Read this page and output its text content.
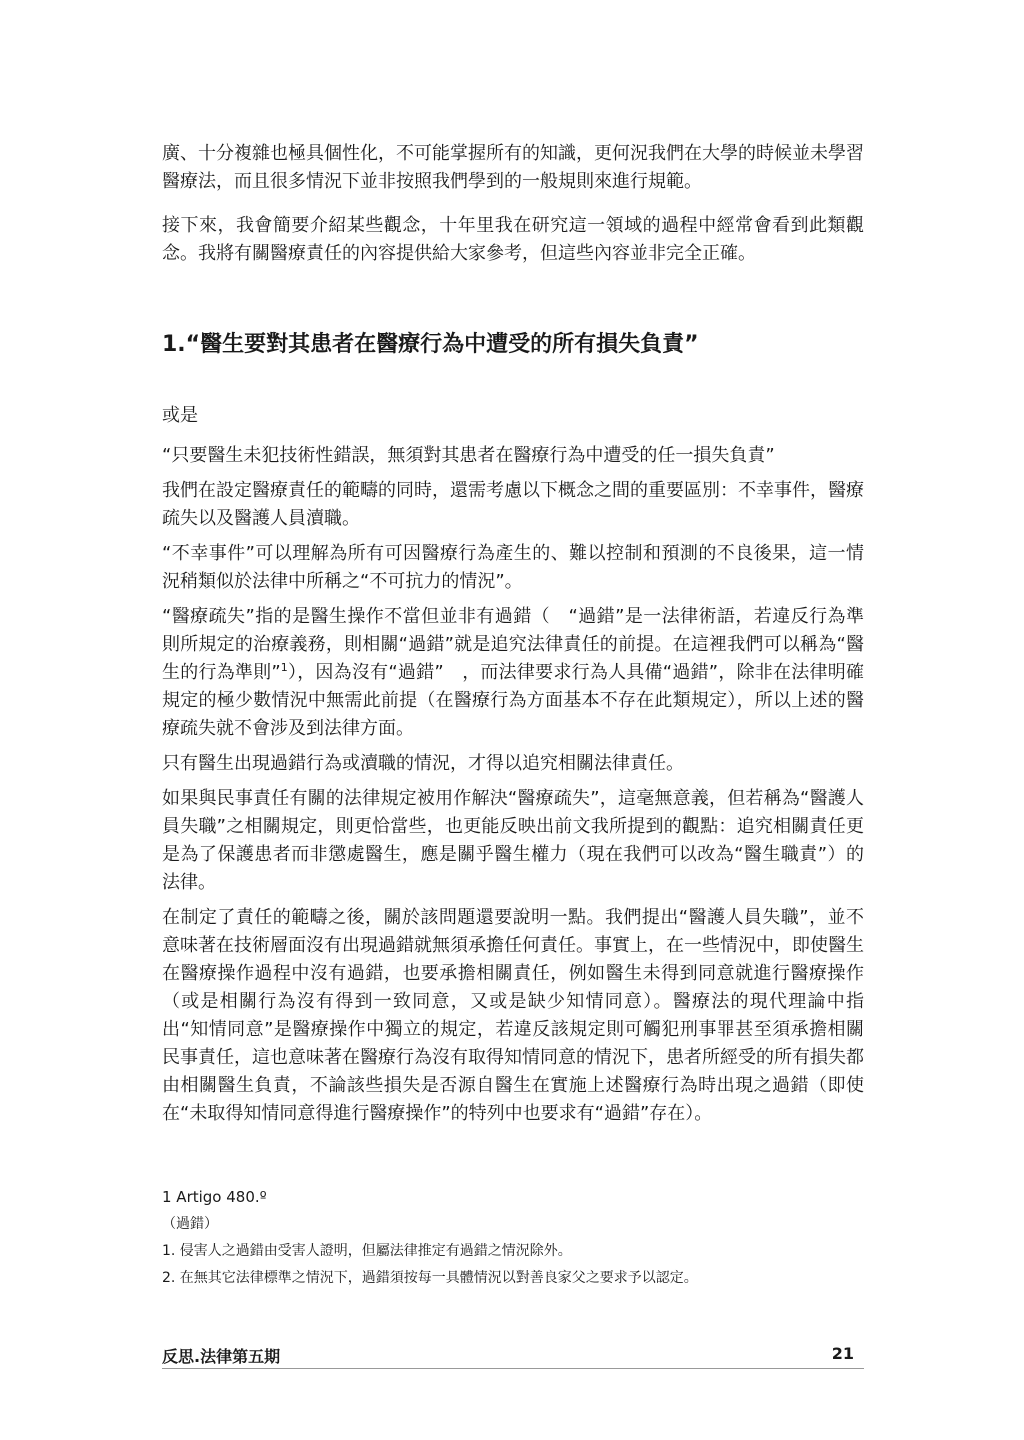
廣、十分複雜也極具個性化，不可能掌握所有的知識，更何況我們在大學的時候並未學習醫療法，而且很多情況下並非按照我們學到的一般規則來進行規範。

接下來，我會簡要介紹某些觀念，十年里我在研究這一領域的過程中經常會看到此類觀念。我將有關醫療責任的內容提供給大家參考，但這些內容並非完全正確。

1.“醫生要對其患者在醫療行為中遭受的所有損失負責”

或是

“只要醫生未犯技術性錯誤，無須對其患者在醫療行為中遭受的任一損失負責”

我們在設定醫療責任的範疇的同時，還需考慮以下概念之間的重要區別：不幸事件，醫療疏失以及醫護人員瀆職。

“不幸事件”可以理解為所有可因醫療行為產生的、難以控制和預測的不良後果，這一情況稍類似於法律中所稱之“不可抗力的情況”。

“醫療疏失”指的是醫生操作不當但並非有過錯（　“過錯”是一法律術語，若違反行為準則所規定的治療義務，則相關“過錯”就是追究法律責任的前提。在這裡我們可以稱為“醫生的行為準則”$^1$），因為沒有“過錯”　，而法律要求行為人具備“過錯”，除非在法律明確規定的極少數情況中無需此前提（在醫療行為方面基本不存在此類規定），所以上述的醫療疏失就不會涉及到法律方面。

只有醫生出現過錯行為或瀆職的情況，才得以追究相關法律責任。

如果與民事責任有關的法律規定被用作解決“醫療疏失”，這毫無意義，但若稱為“醫護人員失職”之相關規定，則更恰當些，也更能反映出前文我所提到的觀點：追究相關責任更是為了保護患者而非懲處醫生，應是關乎醫生權力（現在我們可以改為“醫生職責”）的法律。

在制定了責任的範疇之後，關於該問題還要說明一點。我們提出“醫護人員失職”，並不意味著在技術層面沒有出現過錯就無須承擔任何責任。事實上，在一些情況中，即使醫生在醫療操作過程中沒有過錯，也要承擔相關責任，例如醫生未得到同意就進行醫療操作（或是相關行為沒有得到一致同意，又或是缺少知情同意）。醫療法的現代理論中指出“知情同意”是醫療操作中獨立的規定，若違反該規定則可觸犯刑事罪甚至須承擔相關民事責任，這也意味著在醫療行為沒有取得知情同意的情況下，患者所經受的所有損失都由相關醫生負責，不論該些損失是否源自醫生在實施上述醫療行為時出現之過錯（即使在“未取得知情同意得進行醫療操作”的特列中也要求有“過錯”存在）。

1 Artigo 480.º
（過錯）
1. 侵害人之過錯由受害人證明，但屬法律推定有過錯之情況除外。
2. 在無其它法律標準之情況下，過錯須按每一具體情況以對善良家父之要求予以認定。
反思.法律第五期	21
